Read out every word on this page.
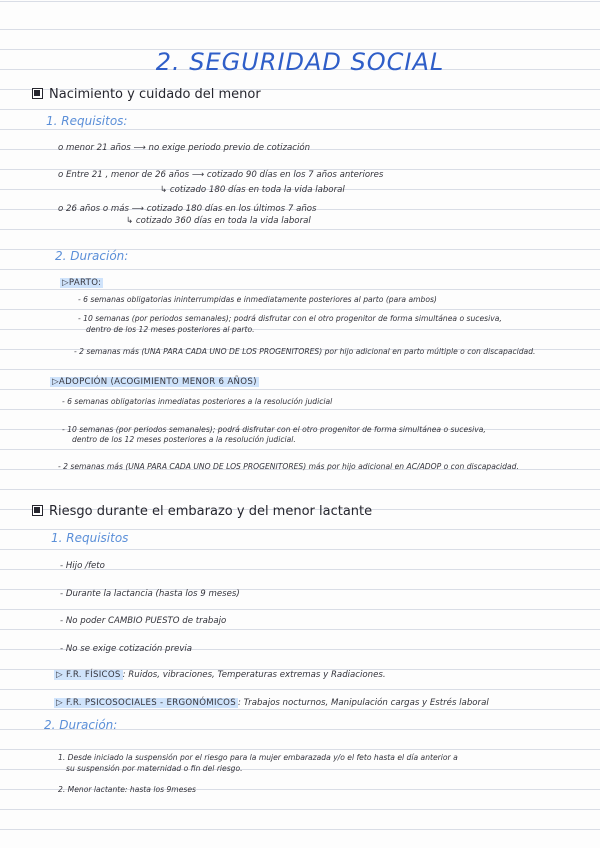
2. SEGURIDAD SOCIAL
Nacimiento y cuidado del menor
1. Requisitos:
o menor 21 años ⟶ no exige periodo previo de cotización
o Entre 21 , menor de 26 años ⟶ cotizado 90 días en los 7 años anteriores
↳ cotizado 180 días en toda la vida laboral
o 26 años o más ⟶ cotizado 180 días en los últimos 7 años
↳ cotizado 360 días en toda la vida laboral
2. Duración:
▷PARTO:
- 6 semanas obligatorias ininterrumpidas e inmediatamente posteriores al parto (para ambos)
- 10 semanas (por periodos semanales); podrá disfrutar con el otro progenitor de forma simultánea o sucesiva,
dentro de los 12 meses posteriores al parto.
- 2 semanas más (UNA PARA CADA UNO DE LOS PROGENITORES) por hijo adicional en parto múltiple o con discapacidad.
▷ADOPCIÓN (ACOGIMIENTO MENOR 6 AÑOS)
- 6 semanas obligatorias inmediatas posteriores a la resolución judicial
- 10 semanas (por periodos semanales); podrá disfrutar con el otro progenitor de forma simultánea o sucesiva,
dentro de los 12 meses posteriores a la resolución judicial.
- 2 semanas más (UNA PARA CADA UNO DE LOS PROGENITORES) más por hijo adicional en AC/ADOP o con discapacidad.
Riesgo durante el embarazo y del menor lactante
1. Requisitos
- Hijo /feto
- Durante la lactancia (hasta los 9 meses)
- No poder CAMBIO PUESTO de trabajo
- No se exige cotización previa
▷ F.R. FÍSICOS : Ruidos, vibraciones, Temperaturas extremas y Radiaciones.
▷ F.R. PSICOSOCIALES - ERGONÓMICOS : Trabajos nocturnos, Manipulación cargas y Estrés laboral
2. Duración:
1. Desde iniciado la suspensión por el riesgo para la mujer embarazada y/o el feto hasta el día anterior a
su suspensión por maternidad o fin del riesgo.
2. Menor lactante: hasta los 9meses
